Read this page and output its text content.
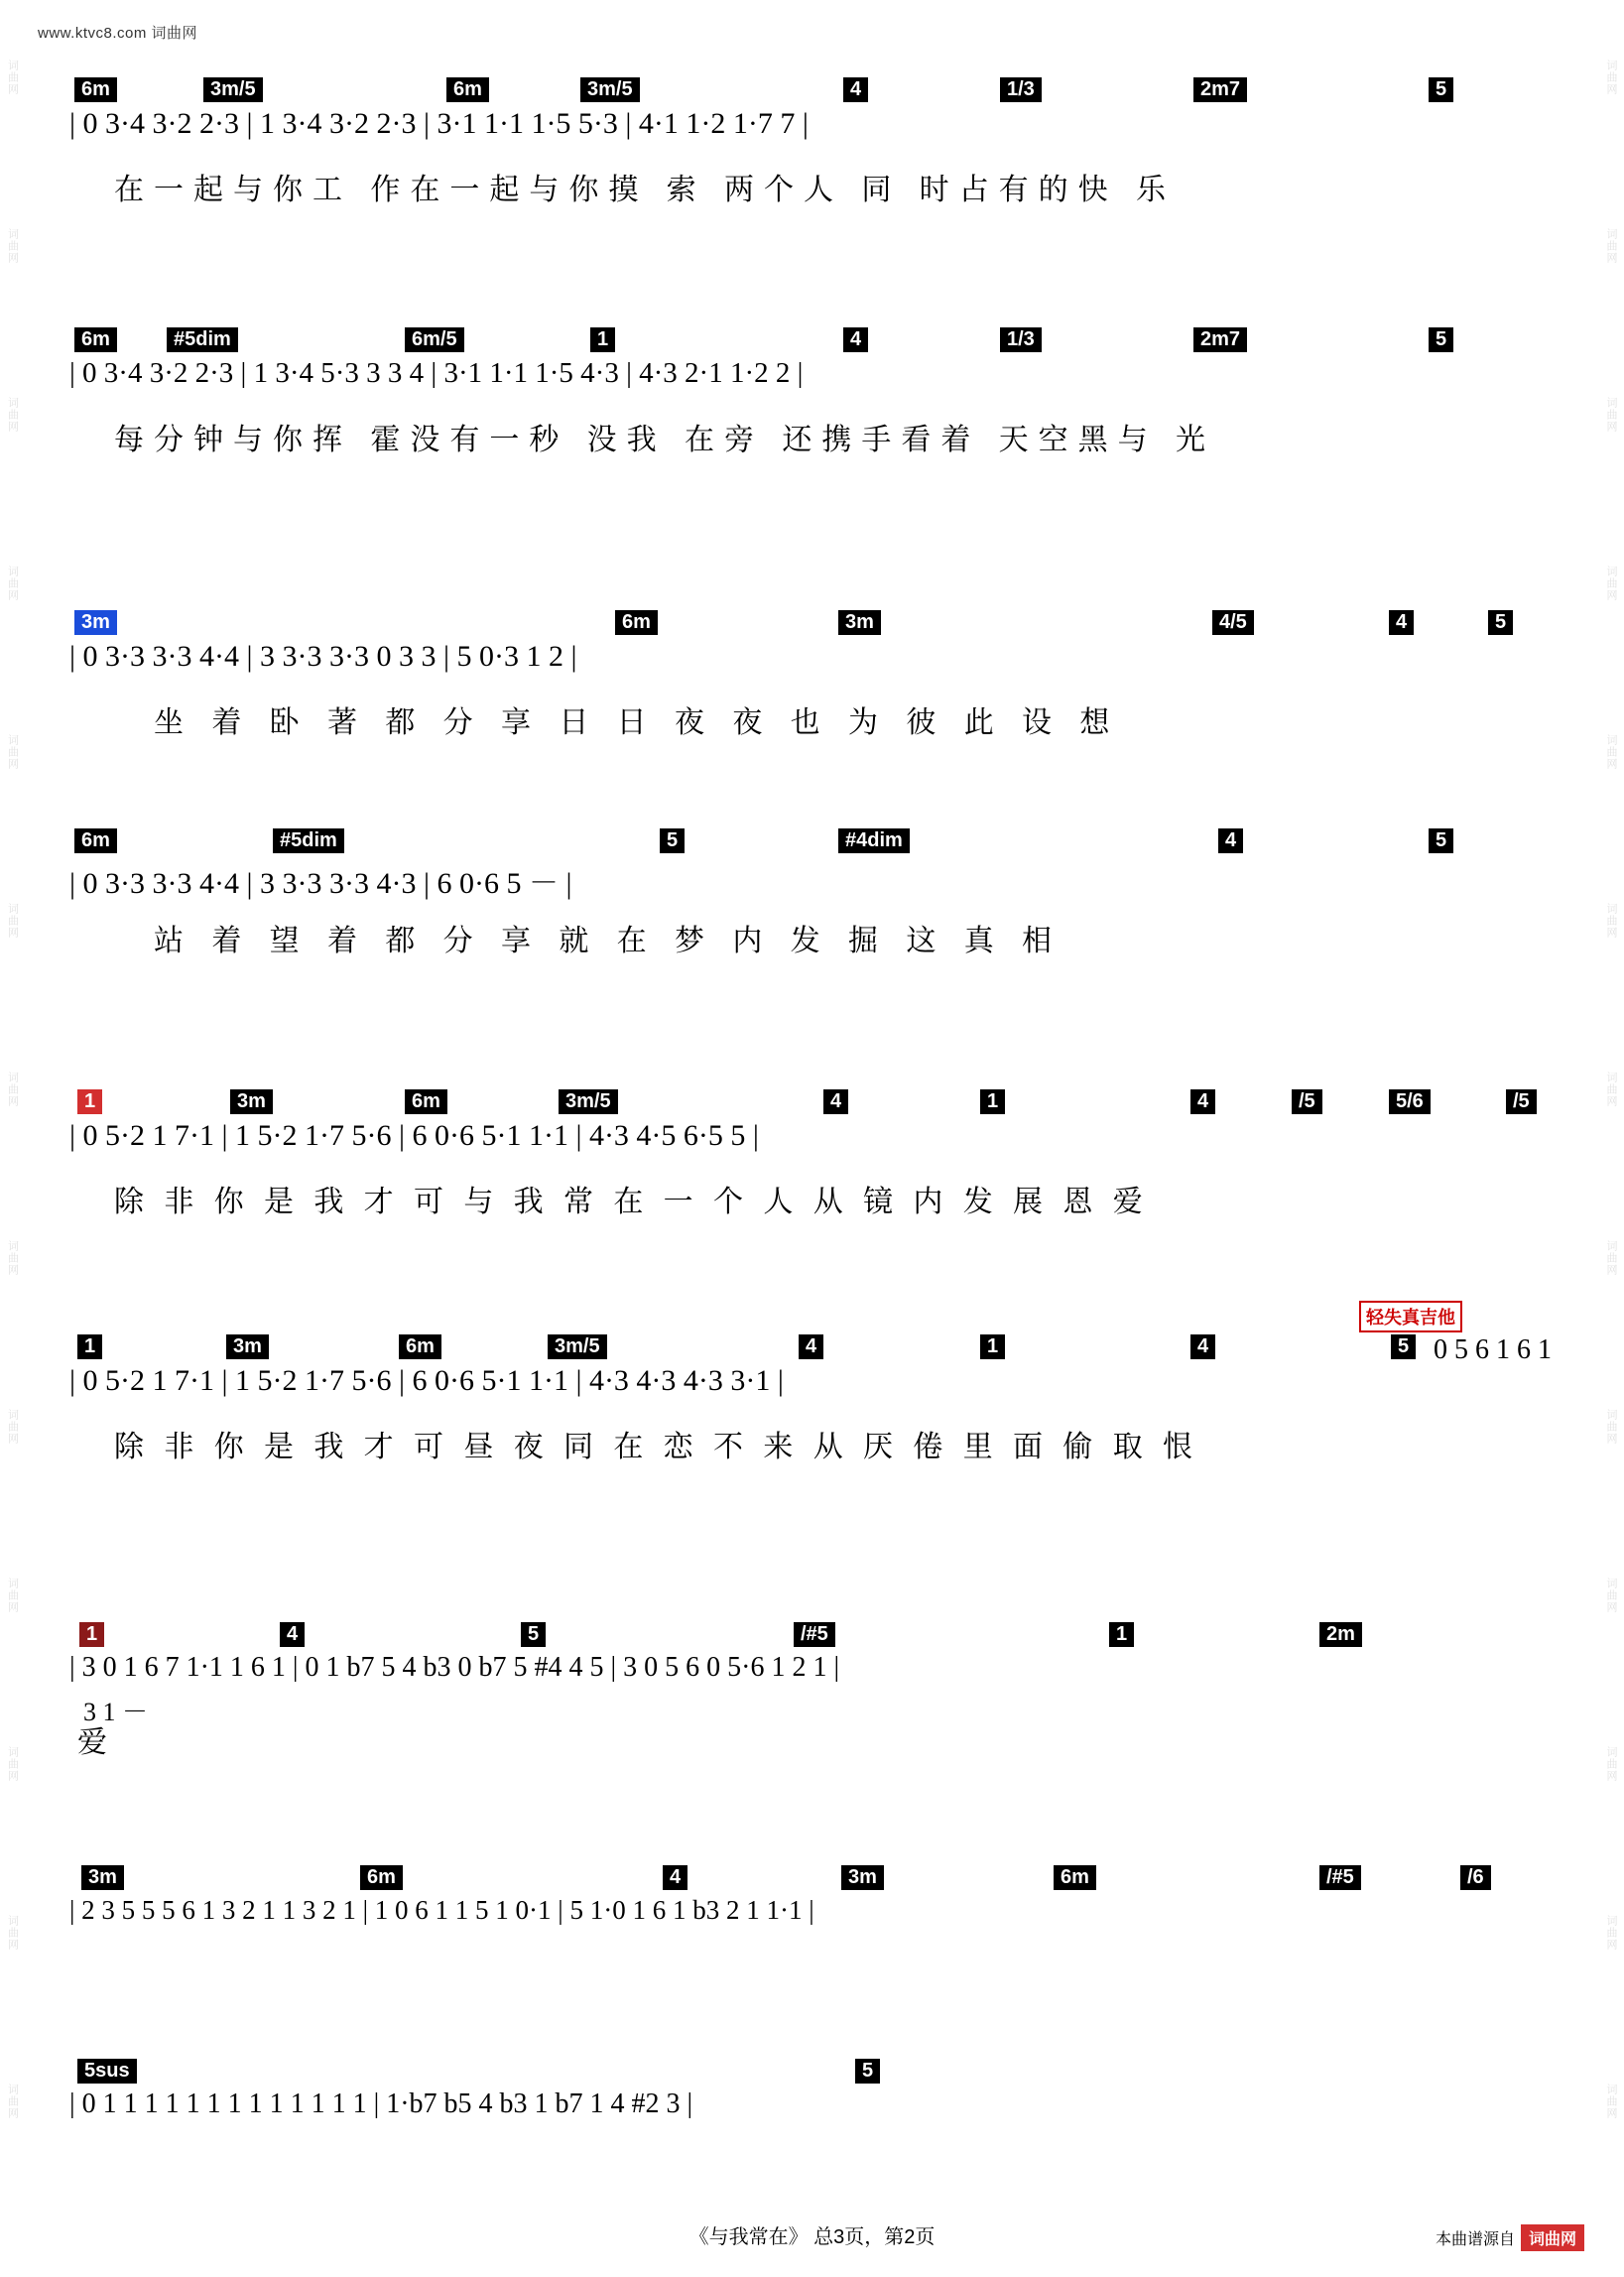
www.ktvc8.com 词曲网
词曲网
词曲网
词曲网
词曲网
词曲网
词曲网
词曲网
词曲网
词曲网
词曲网
词曲网
词曲网
词曲网
词曲网
词曲网
词曲网
词曲网
词曲网
词曲网
词曲网
词曲网
词曲网
词曲网
词曲网
词曲网
词曲网
6m	3m/5	6m	3m/5	4	1/3	2m7	5
| 0 3·4 3·2 2·3 | 1 3·4 3·2 2·3 | 3·1 1·1 1·5 5·3 | 4·1 1·2 1·7 7 |
在一起与你工 作在一起与你摸 索 两个人 同 时占有的快 乐
6m	#5dim	6m/5	1	4	1/3	2m7	5
| 0 3·4 3·2 2·3 | 1 3·4 5·3 3 3 4 | 3·1 1·1 1·5 4·3 | 4·3 2·1 1·2 2 |
每分钟与你挥 霍没有一秒 没我 在旁 还携手看着 天空黑与 光
3m	6m	3m	4/5	4	5
| 0 3·3 3·3 4·4 | 3 3·3 3·3 0 3 3 | 5 0·3 1 2 |
坐 着 卧 著 都 分 享 日 日 夜 夜 也 为 彼 此 设 想
6m	#5dim	5	#4dim	4	5
| 0 3·3 3·3 4·4 | 3 3·3 3·3 4·3 | 6 0·6 5 － |
站 着 望 着 都 分 享 就 在 梦 内 发 掘 这 真 相
1	3m	6m	3m/5	4	1	4	/5	5/6	/5
| 0 5·2 1 7·1 | 1 5·2 1·7 5·6 | 6 0·6 5·1 1·1 | 4·3 4·5 6·5 5 |
除 非 你 是 我 才 可 与 我 常 在 一 个 人 从 镜 内 发 展 恩 爱
1	3m	6m	3m/5	4	1	4	5
轻失真吉他
0 5 6 1 6 1
| 0 5·2 1 7·1 | 1 5·2 1·7 5·6 | 6 0·6 5·1 1·1 | 4·3 4·3 4·3 3·1 |
除 非 你 是 我 才 可 昼 夜 同 在 恋 不 来 从 厌 倦 里 面 偷 取 恨
1	4	5	/#5	1	2m
| 3 0 1 6 7 1·1 1 6 1 | 0 1 b7 5 4 b3 0 b7 5 #4 4 5 | 3 0 5 6 0 5·6 1 2 1 |
3 1 －
爱
3m	6m	4	3m	6m	/#5	/6
| 2 3 5 5 5 6 1 3 2 1 1 3 2 1 | 1 0 6 1 1 5 1 0·1 | 5 1·0 1 6 1 b3 2 1 1·1 |
5sus	5
| 0 1 1 1 1 1 1 1 1 1 1 1 1 1 | 1·b7 b5 4 b3 1 b7 1 4 #2 3 |
《与我常在》 总3页，第2页	本曲谱源自 词曲网
